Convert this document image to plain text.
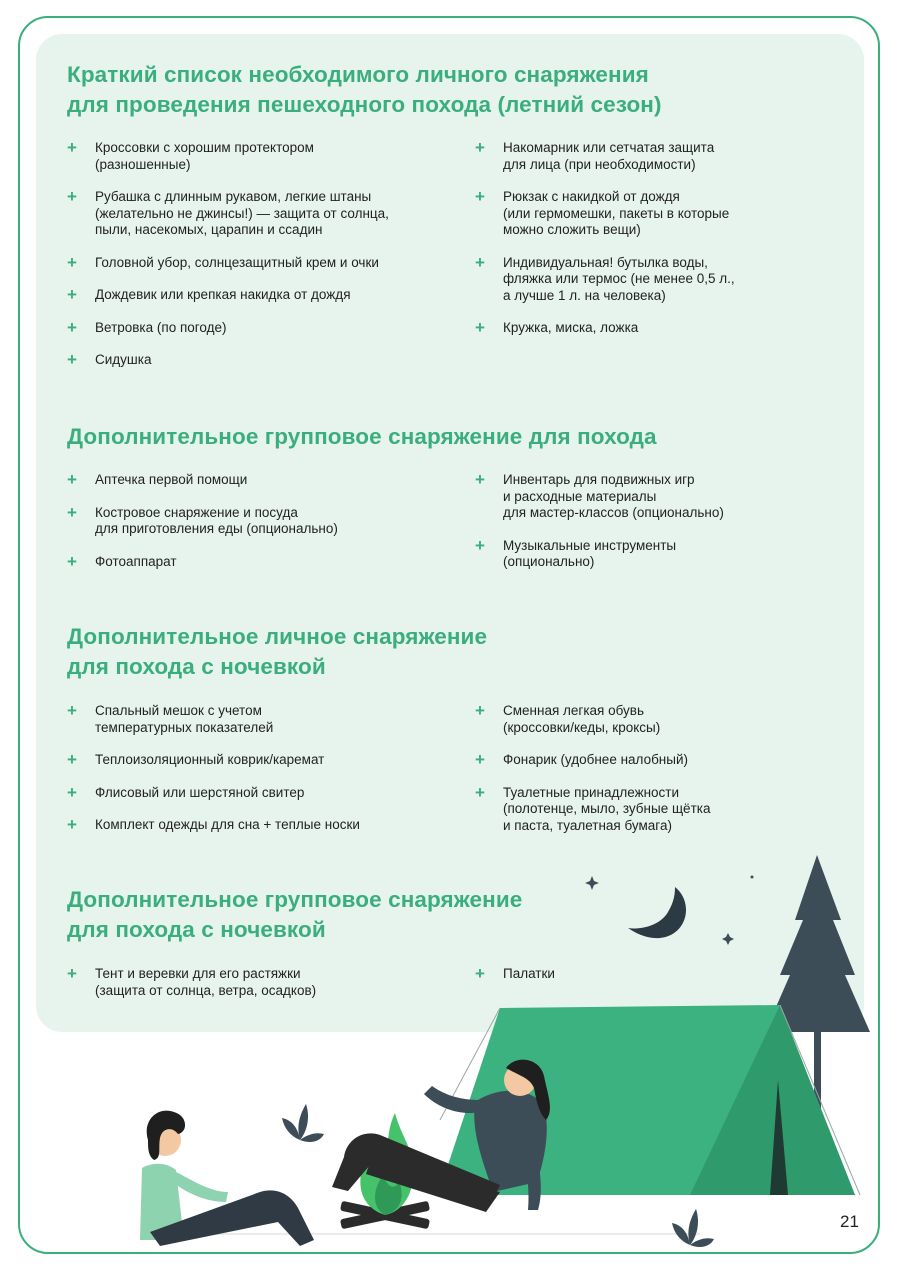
Краткий список необходимого личного снаряжения
для проведения пешеходного похода (летний сезон)
+ Кроссовки с хорошим протектором
(разношенные)
+ Рубашка с длинным рукавом, легкие штаны
(желательно не джинсы!) — защита от солнца,
пыли, насекомых, царапин и ссадин
+ Головной убор, солнцезащитный крем и очки
+ Дождевик или крепкая накидка от дождя
+ Ветровка (по погоде)
+ Сидушка
+ Накомарник или сетчатая защита
для лица (при необходимости)
+ Рюкзак с накидкой от дождя
(или гермомешки, пакеты в которые
можно сложить вещи)
+ Индивидуальная! бутылка воды,
фляжка или термос (не менее 0,5 л.,
а лучше 1 л. на человека)
+ Кружка, миска, ложка
Дополнительное групповое снаряжение для похода
+ Аптечка первой помощи
+ Костровое снаряжение и посуда
для приготовления еды (опционально)
+ Фотоаппарат
+ Инвентарь для подвижных игр
и расходные материалы
для мастер-классов (опционально)
+ Музыкальные инструменты
(опционально)
Дополнительное личное снаряжение
для похода с ночевкой
+ Спальный мешок с учетом
температурных показателей
+ Теплоизоляционный коврик/каремат
+ Флисовый или шерстяной свитер
+ Комплект одежды для сна + теплые носки
+ Сменная легкая обувь
(кроссовки/кеды, кроксы)
+ Фонарик (удобнее налобный)
+ Туалетные принадлежности
(полотенце, мыло, зубные щётка
и паста, туалетная бумага)
Дополнительное групповое снаряжение
для похода с ночевкой
+ Тент и веревки для его растяжки
(защита от солнца, ветра, осадков)
+ Палатки
21
